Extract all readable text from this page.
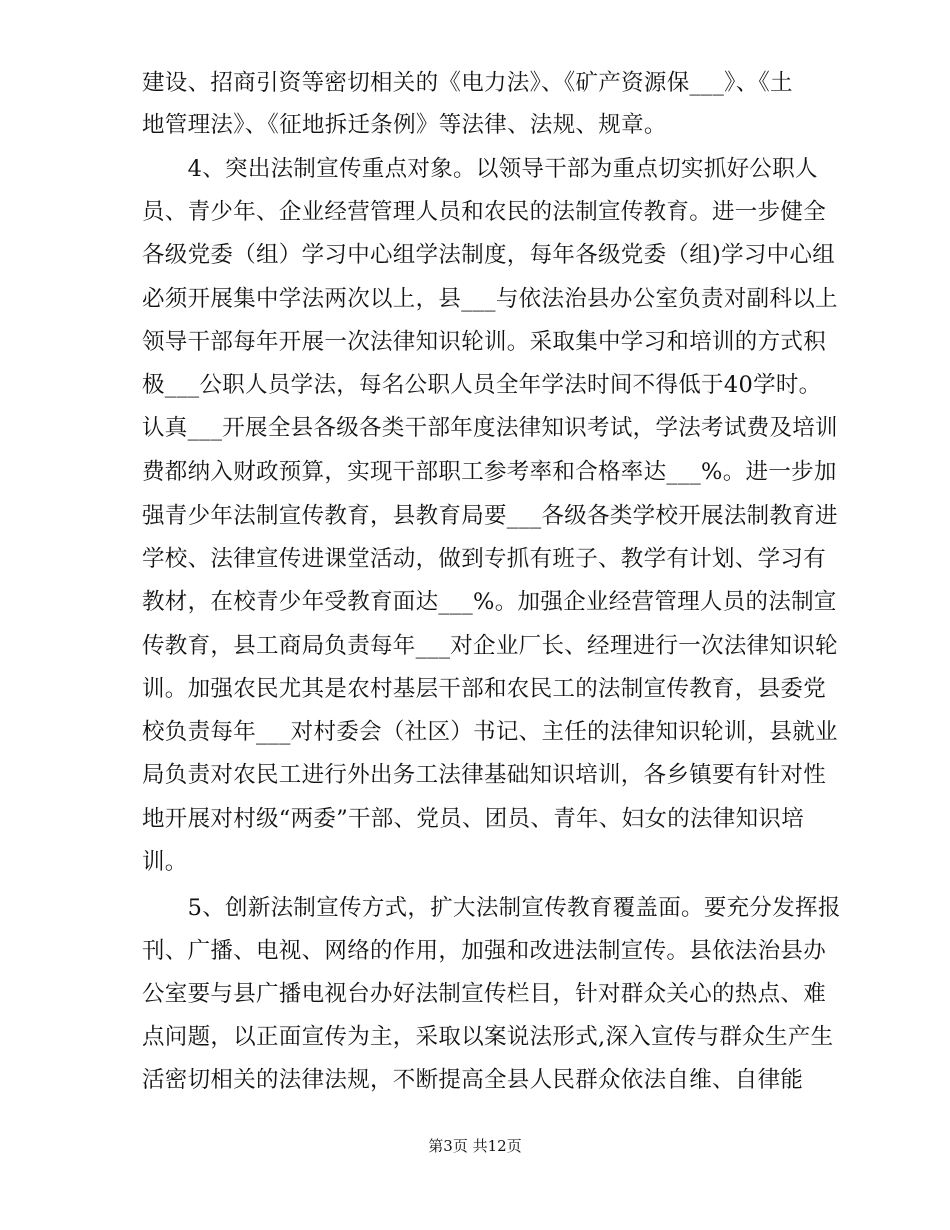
建设、招商引资等密切相关的《电力法》、《矿产资源保___》、《土
地管理法》、《征地拆迁条例》等法律、法规、规章。
　　4、突出法制宣传重点对象。以领导干部为重点切实抓好公职人
员、青少年、企业经营管理人员和农民的法制宣传教育。进一步健全
各级党委（组）学习中心组学法制度，每年各级党委（组)学习中心组
必须开展集中学法两次以上，县___与依法治县办公室负责对副科以上
领导干部每年开展一次法律知识轮训。采取集中学习和培训的方式积
极___公职人员学法，每名公职人员全年学法时间不得低于40学时。
认真___开展全县各级各类干部年度法律知识考试，学法考试费及培训
费都纳入财政预算，实现干部职工参考率和合格率达___%。进一步加
强青少年法制宣传教育，县教育局要___各级各类学校开展法制教育进
学校、法律宣传进课堂活动，做到专抓有班子、教学有计划、学习有
教材，在校青少年受教育面达___%。加强企业经营管理人员的法制宣
传教育，县工商局负责每年___对企业厂长、经理进行一次法律知识轮
训。加强农民尤其是农村基层干部和农民工的法制宣传教育，县委党
校负责每年___对村委会（社区）书记、主任的法律知识轮训，县就业
局负责对农民工进行外出务工法律基础知识培训，各乡镇要有针对性
地开展对村级“两委”干部、党员、团员、青年、妇女的法律知识培
训。
　　5、创新法制宣传方式，扩大法制宣传教育覆盖面。要充分发挥报
刊、广播、电视、网络的作用，加强和改进法制宣传。县依法治县办
公室要与县广播电视台办好法制宣传栏目，针对群众关心的热点、难
点问题，以正面宣传为主，采取以案说法形式,深入宣传与群众生产生
活密切相关的法律法规，不断提高全县人民群众依法自维、自律能
第3页 共12页
